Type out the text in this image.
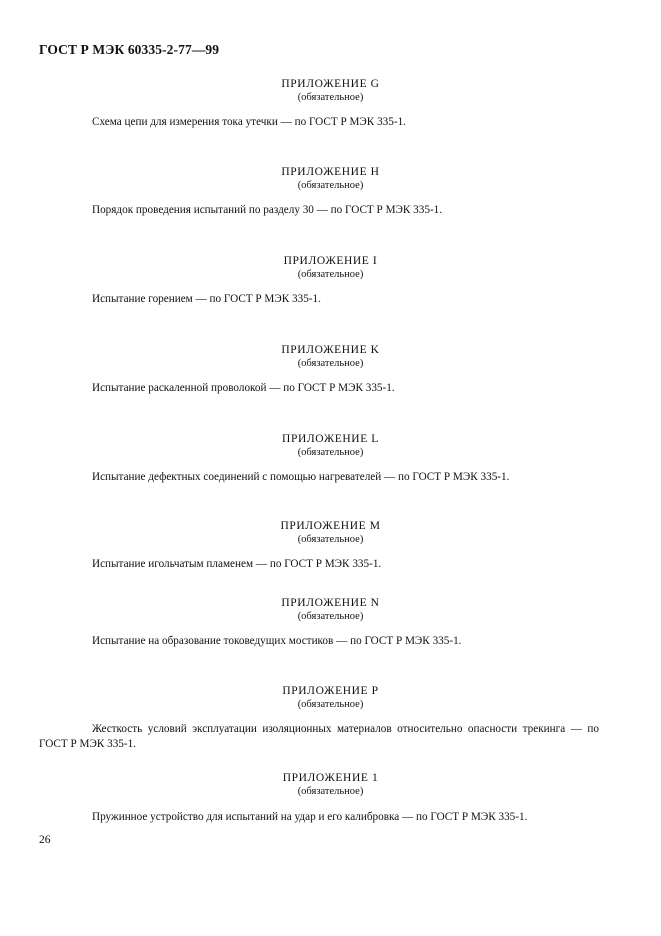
ГОСТ Р МЭК 60335-2-77—99
ПРИЛОЖЕНИЕ G
(обязательное)
Схема цепи для измерения тока утечки — по ГОСТ Р МЭК 335-1.
ПРИЛОЖЕНИЕ H
(обязательное)
Порядок проведения испытаний по разделу 30 — по ГОСТ Р МЭК 335-1.
ПРИЛОЖЕНИЕ I
(обязательное)
Испытание горением — по ГОСТ Р МЭК 335-1.
ПРИЛОЖЕНИЕ K
(обязательное)
Испытание раскаленной проволокой — по ГОСТ Р МЭК 335-1.
ПРИЛОЖЕНИЕ L
(обязательное)
Испытание дефектных соединений с помощью нагревателей — по ГОСТ Р МЭК 335-1.
ПРИЛОЖЕНИЕ M
(обязательное)
Испытание игольчатым пламенем — по ГОСТ Р МЭК 335-1.
ПРИЛОЖЕНИЕ N
(обязательное)
Испытание на образование токоведущих мостиков — по ГОСТ Р МЭК 335-1.
ПРИЛОЖЕНИЕ P
(обязательное)
Жесткость условий эксплуатации изоляционных материалов относительно опасности трекинга — по ГОСТ Р МЭК 335-1.
ПРИЛОЖЕНИЕ 1
(обязательное)
Пружинное устройство для испытаний на удар и его калибровка — по ГОСТ Р МЭК 335-1.
26
